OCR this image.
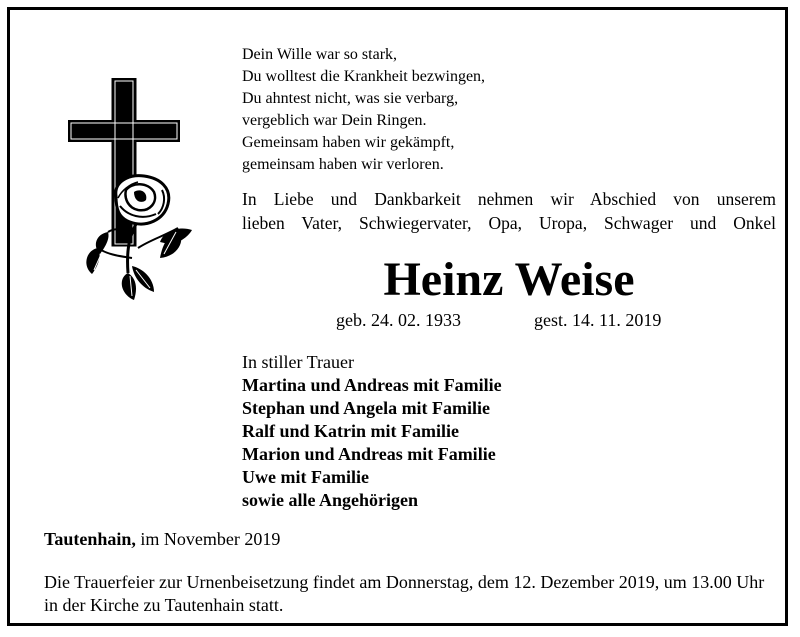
Dein Wille war so stark,
Du wolltest die Krankheit bezwingen,
Du ahntest nicht, was sie verbarg,
vergeblich war Dein Ringen.
Gemeinsam haben wir gekämpft,
gemeinsam haben wir verloren.
In Liebe und Dankbarkeit nehmen wir Abschied von unserem
lieben Vater, Schwiegervater, Opa, Uropa, Schwager und Onkel
Heinz Weise
geb. 24. 02. 1933	gest. 14. 11. 2019
In stiller Trauer
Martina und Andreas mit Familie
Stephan und Angela mit Familie
Ralf und Katrin mit Familie
Marion und Andreas mit Familie
Uwe mit Familie
sowie alle Angehörigen
Tautenhain, im November 2019
Die Trauerfeier zur Urnenbeisetzung findet am Donnerstag, dem 12. Dezember 2019, um 13.00 Uhr in der Kirche zu Tautenhain statt.
